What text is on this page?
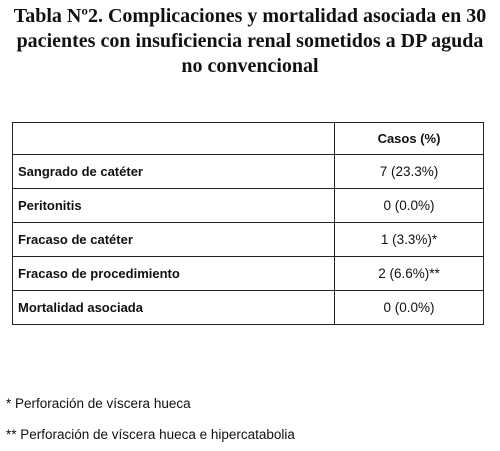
Tabla Nº2. Complicaciones y mortalidad asociada en 30
pacientes con insuficiencia renal sometidos a DP aguda
no convencional
	Casos (%)
Sangrado de catéter	7 (23.3%)
Peritonitis	0 (0.0%)
Fracaso de catéter	1 (3.3%)*
Fracaso de procedimiento	2 (6.6%)**
Mortalidad asociada	0 (0.0%)
* Perforación de víscera hueca
** Perforación de víscera hueca e hipercatabolia
